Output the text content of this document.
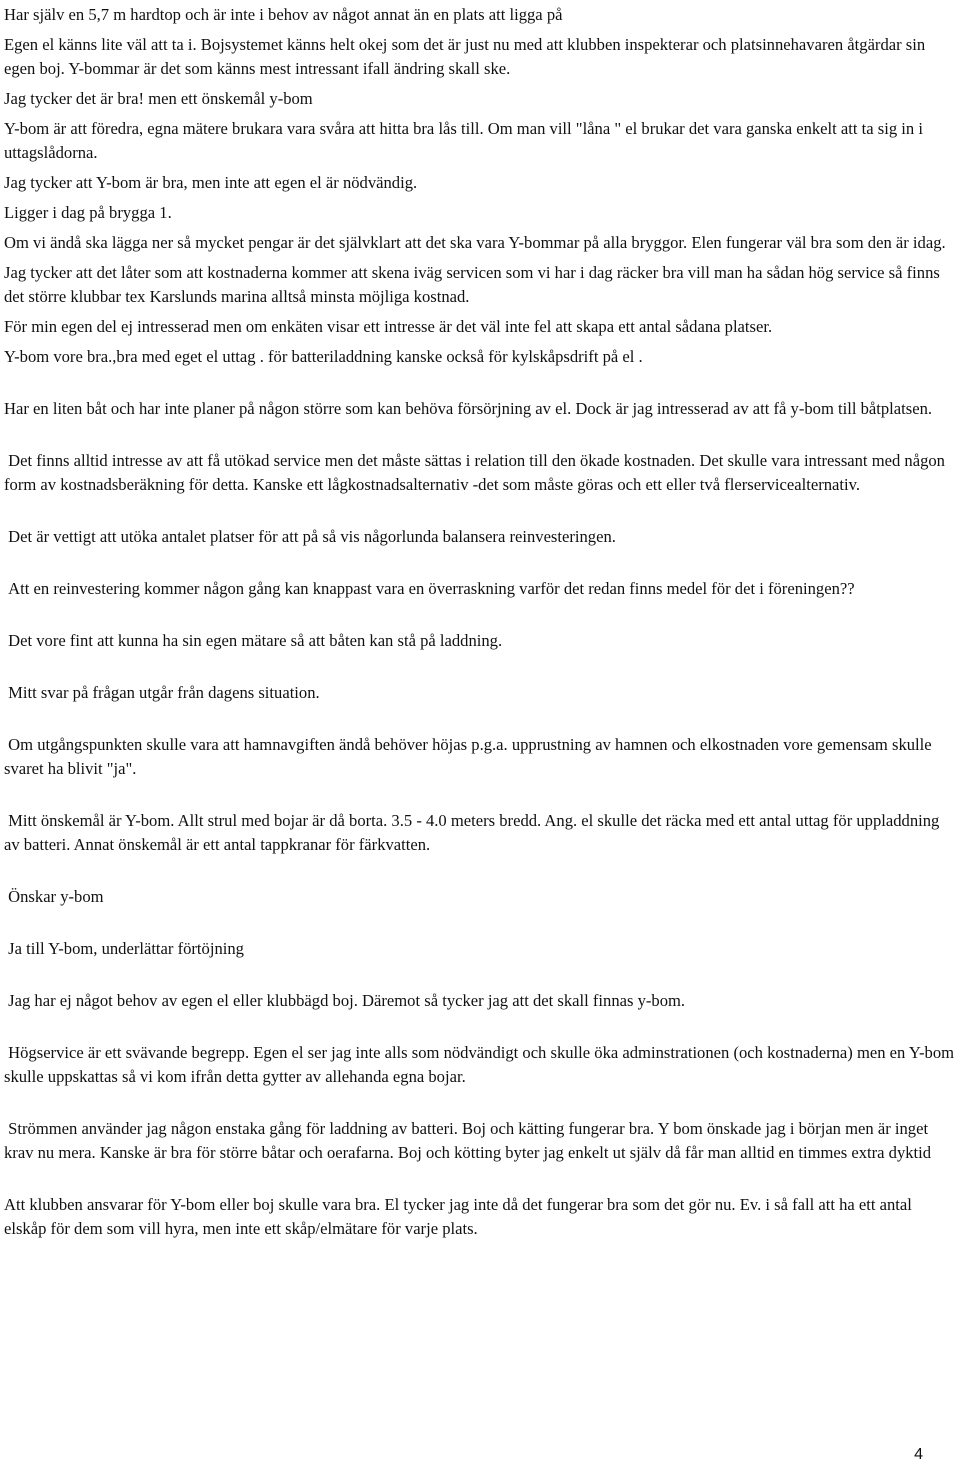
Har själv en 5,7 m hardtop och är inte i behov av något annat än en plats att ligga på

Egen el känns lite väl att ta i. Bojsystemet känns helt okej som det är just nu med att klubben inspekterar och platsinnehavaren åtgärdar sin egen boj. Y-bommar är det som känns mest intressant ifall ändring skall ske.

Jag tycker det är bra! men ett önskemål y-bom

Y-bom är att föredra, egna mätere brukara vara svåra att hitta bra lås till. Om man vill "låna " el brukar det vara ganska enkelt att ta sig in i uttagslådorna.

Jag tycker att Y-bom är bra, men inte att egen el är nödvändig.

Ligger i dag på brygga 1.

Om vi ändå ska lägga ner så mycket pengar är det självklart att det ska vara Y-bommar på alla bryggor. Elen fungerar väl bra som den är idag.

Jag tycker att det låter som att kostnaderna kommer att skena iväg servicen som vi har i dag räcker bra vill man ha sådan hög service så finns det större klubbar tex Karslunds marina alltså minsta möjliga kostnad.

För min egen del ej intresserad men om enkäten visar ett intresse är det väl inte fel att skapa ett antal sådana platser.

Y-bom vore bra.,bra med eget el uttag . för batteriladdning kanske också för kylskåpsdrift på el .

Har en liten båt och har inte planer på någon större som kan behöva försörjning av el. Dock är jag intresserad av att få y-bom till båtplatsen.

Det finns alltid intresse av att få utökad service men det måste sättas i relation till den ökade kostnaden. Det skulle vara intressant med någon form av kostnadsberäkning för detta. Kanske ett lågkostnadsalternativ -det som måste göras och ett eller två flerservicealternativ.

Det är vettigt att utöka antalet platser för att på så vis någorlunda balansera reinvesteringen.

Att en reinvestering kommer någon gång kan knappast vara en överraskning varför det redan finns medel för det i föreningen??

Det vore fint att kunna ha sin egen mätare så att båten kan stå på laddning.

Mitt svar på frågan utgår från dagens situation.

Om utgångspunkten skulle vara att hamnavgiften ändå behöver höjas p.g.a. upprustning av hamnen och elkostnaden vore gemensam skulle svaret ha blivit "ja".

Mitt önskemål är Y-bom. Allt strul med bojar är då borta. 3.5 - 4.0 meters bredd. Ang. el skulle det räcka med ett antal uttag för uppladdning av batteri. Annat önskemål är ett antal tappkranar för färkvatten.

Önskar y-bom

Ja till Y-bom, underlättar förtöjning

Jag har ej något behov av egen el eller klubbägd boj. Däremot så tycker jag att det skall finnas y-bom.

Högservice är ett svävande begrepp. Egen el ser jag inte alls som nödvändigt och skulle öka adminstrationen (och kostnaderna) men en Y-bom skulle uppskattas så vi kom ifrån detta gytter av allehanda egna bojar.

Strömmen använder jag någon enstaka gång för laddning av batteri. Boj och kätting fungerar bra. Y bom önskade jag i början men är inget krav nu mera. Kanske är bra för större båtar och oerafarna. Boj och kötting byter jag enkelt ut själv då får man alltid en timmes extra dyktid

Att klubben ansvarar för Y-bom eller boj skulle vara bra. El tycker jag inte då det fungerar bra som det gör nu. Ev. i så fall att ha ett antal elskåp för dem som vill hyra, men inte ett skåp/elmätare för varje plats.

4
